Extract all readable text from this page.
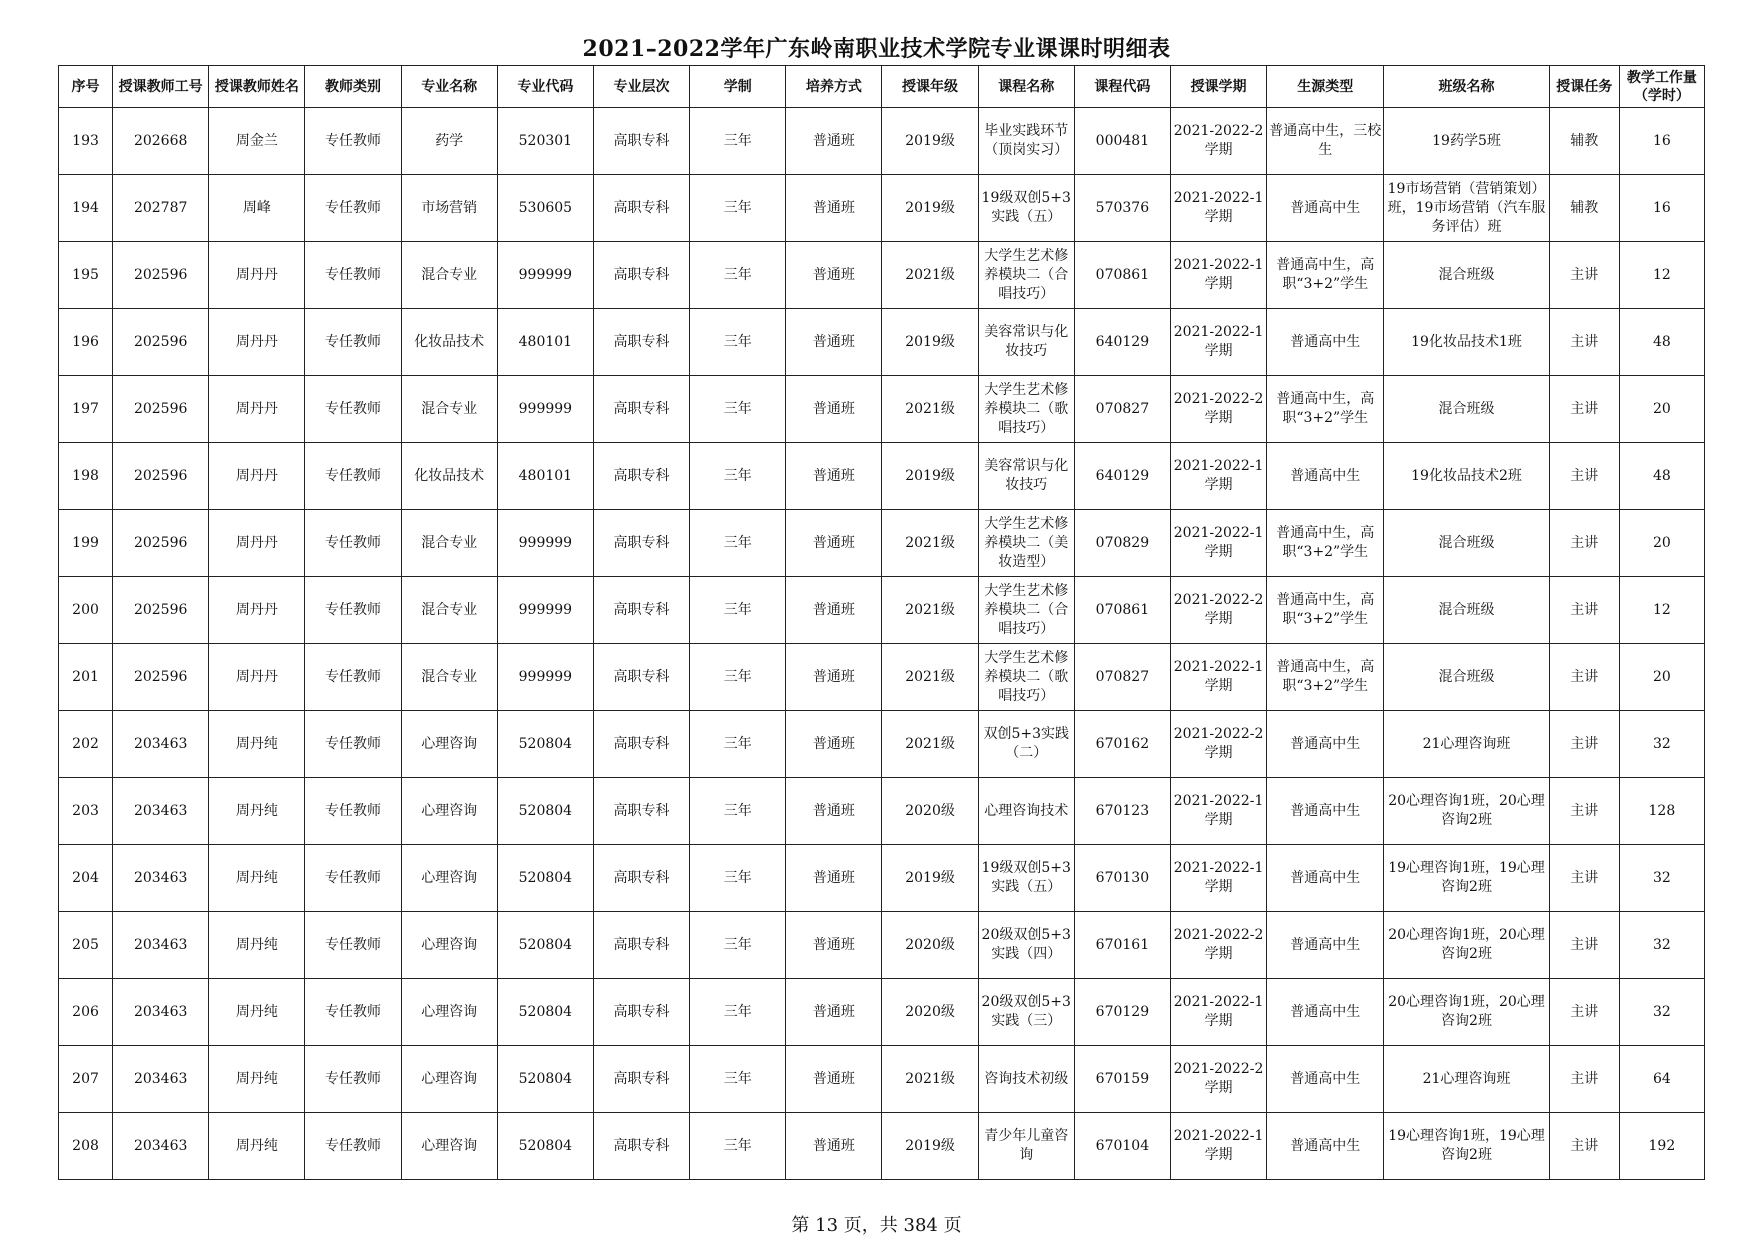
2021–2022学年广东岭南职业技术学院专业课课时明细表
序号	授课教师工号	授课教师姓名	教师类别	专业名称	专业代码	专业层次	学制	培养方式	授课年级	课程名称	课程代码	授课学期	生源类型	班级名称	授课任务	教学工作量（学时）
193	202668	周金兰	专任教师	药学	520301	高职专科	三年	普通班	2019级	毕业实践环节（顶岗实习）	000481	2021-2022-2学期	普通高中生，三校生	19药学5班	辅教	16
194	202787	周峰	专任教师	市场营销	530605	高职专科	三年	普通班	2019级	19级双创5+3实践（五）	570376	2021-2022-1学期	普通高中生	19市场营销（营销策划）班，19市场营销（汽车服务评估）班	辅教	16
195	202596	周丹丹	专任教师	混合专业	999999	高职专科	三年	普通班	2021级	大学生艺术修养模块二（合唱技巧）	070861	2021-2022-1学期	普通高中生，高职“3+2”学生	混合班级	主讲	12
196	202596	周丹丹	专任教师	化妆品技术	480101	高职专科	三年	普通班	2019级	美容常识与化妆技巧	640129	2021-2022-1学期	普通高中生	19化妆品技术1班	主讲	48
197	202596	周丹丹	专任教师	混合专业	999999	高职专科	三年	普通班	2021级	大学生艺术修养模块二（歌唱技巧）	070827	2021-2022-2学期	普通高中生，高职“3+2”学生	混合班级	主讲	20
198	202596	周丹丹	专任教师	化妆品技术	480101	高职专科	三年	普通班	2019级	美容常识与化妆技巧	640129	2021-2022-1学期	普通高中生	19化妆品技术2班	主讲	48
199	202596	周丹丹	专任教师	混合专业	999999	高职专科	三年	普通班	2021级	大学生艺术修养模块二（美妆造型）	070829	2021-2022-1学期	普通高中生，高职“3+2”学生	混合班级	主讲	20
200	202596	周丹丹	专任教师	混合专业	999999	高职专科	三年	普通班	2021级	大学生艺术修养模块二（合唱技巧）	070861	2021-2022-2学期	普通高中生，高职“3+2”学生	混合班级	主讲	12
201	202596	周丹丹	专任教师	混合专业	999999	高职专科	三年	普通班	2021级	大学生艺术修养模块二（歌唱技巧）	070827	2021-2022-1学期	普通高中生，高职“3+2”学生	混合班级	主讲	20
202	203463	周丹纯	专任教师	心理咨询	520804	高职专科	三年	普通班	2021级	双创5+3实践（二）	670162	2021-2022-2学期	普通高中生	21心理咨询班	主讲	32
203	203463	周丹纯	专任教师	心理咨询	520804	高职专科	三年	普通班	2020级	心理咨询技术	670123	2021-2022-1学期	普通高中生	20心理咨询1班，20心理咨询2班	主讲	128
204	203463	周丹纯	专任教师	心理咨询	520804	高职专科	三年	普通班	2019级	19级双创5+3实践（五）	670130	2021-2022-1学期	普通高中生	19心理咨询1班，19心理咨询2班	主讲	32
205	203463	周丹纯	专任教师	心理咨询	520804	高职专科	三年	普通班	2020级	20级双创5+3实践（四）	670161	2021-2022-2学期	普通高中生	20心理咨询1班，20心理咨询2班	主讲	32
206	203463	周丹纯	专任教师	心理咨询	520804	高职专科	三年	普通班	2020级	20级双创5+3实践（三）	670129	2021-2022-1学期	普通高中生	20心理咨询1班，20心理咨询2班	主讲	32
207	203463	周丹纯	专任教师	心理咨询	520804	高职专科	三年	普通班	2021级	咨询技术初级	670159	2021-2022-2学期	普通高中生	21心理咨询班	主讲	64
208	203463	周丹纯	专任教师	心理咨询	520804	高职专科	三年	普通班	2019级	青少年儿童咨询	670104	2021-2022-1学期	普通高中生	19心理咨询1班，19心理咨询2班	主讲	192
第 13 页，共 384 页
